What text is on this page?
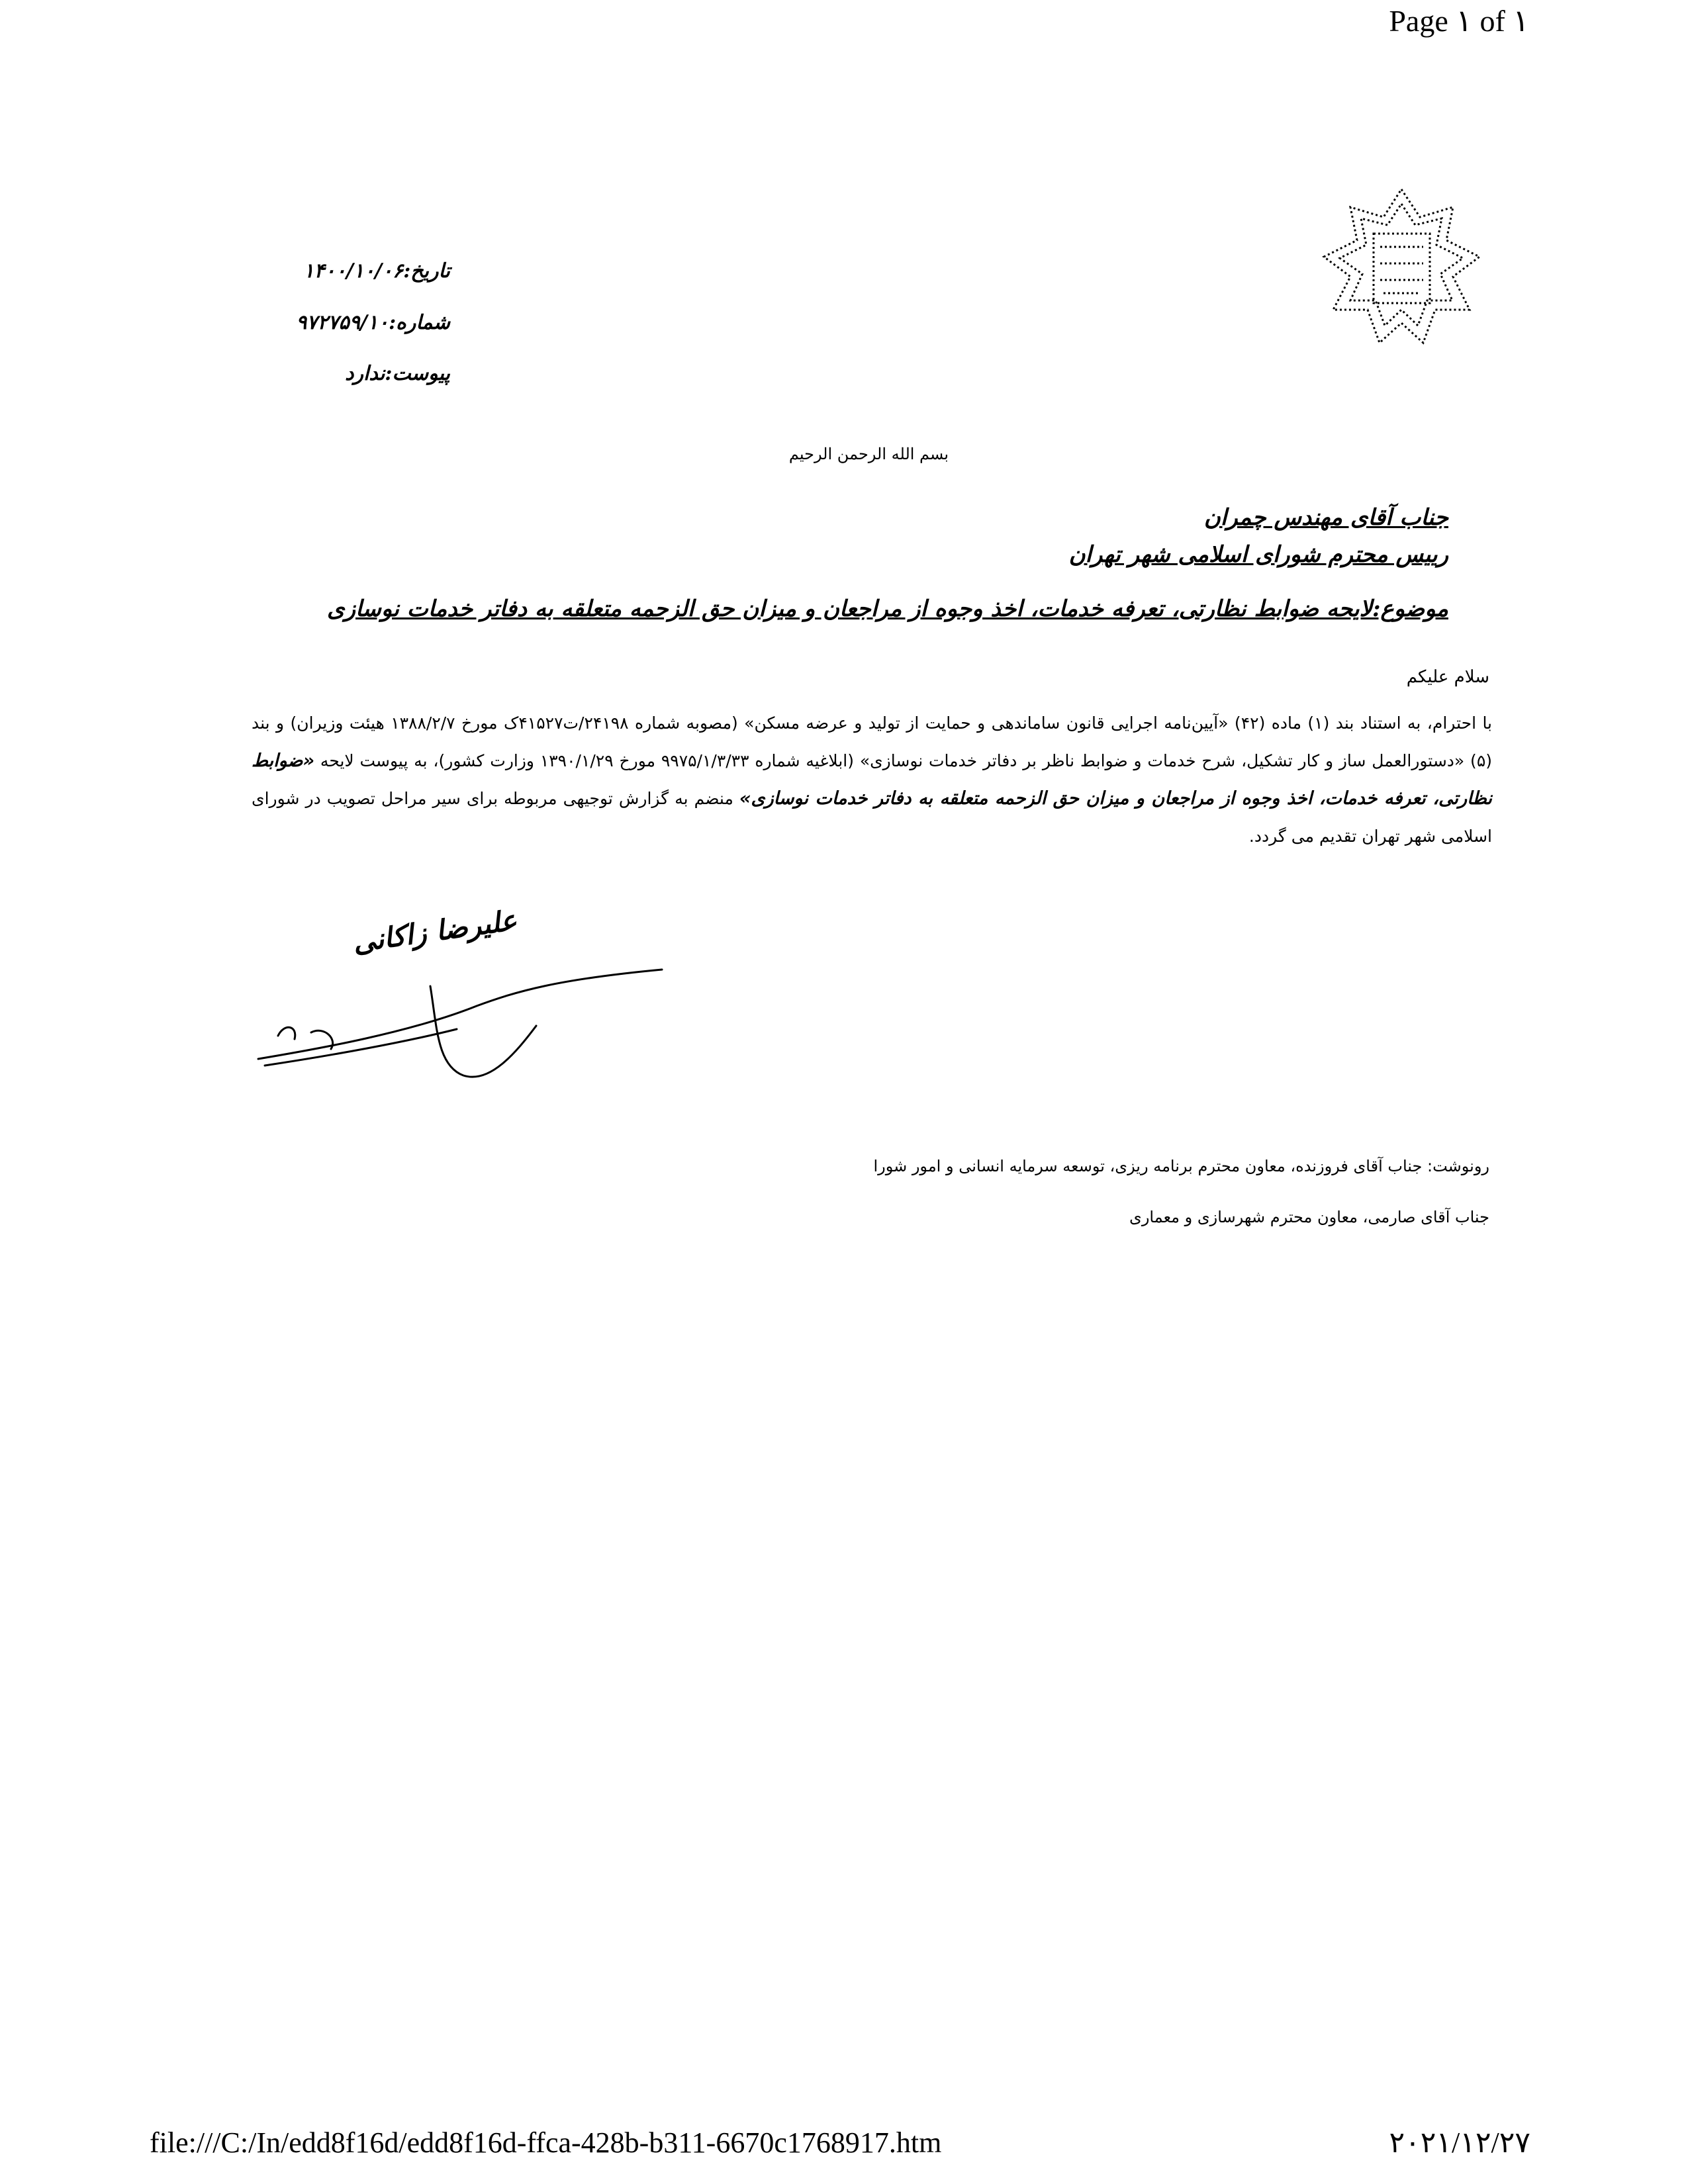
Page ١ of ١
تاریخ:۱۴۰۰/۱۰/۰۶
شماره:۹۷۲۷۵۹/۱۰
پیوست:ندارد
بسم الله الرحمن الرحیم
جناب آقای مهندس چمران
رییس محترم شورای اسلامی شهر تهران
موضوع:لایحه ضوابط نظارتی، تعرفه خدمات، اخذ وجوه از مراجعان و میزان حق الزحمه متعلقه به دفاتر خدمات نوسازی
سلام علیکم
با احترام، به استناد بند (۱) ماده (۴۲) «آیین‌نامه اجرایی قانون ساماندهی و حمایت از تولید و عرضه مسکن» (مصوبه شماره ۲۴۱۹۸/ت۴۱۵۲۷ک مورخ ۱۳۸۸/۲/۷ هیئت وزیران) و بند (۵) «دستورالعمل ساز و کار تشکیل، شرح خدمات و ضوابط ناظر بر دفاتر خدمات نوسازی» (ابلاغیه شماره ۹۹۷۵/۱/۳/۳۳ مورخ ۱۳۹۰/۱/۲۹ وزارت کشور)، به پیوست لایحه «ضوابط نظارتی، تعرفه خدمات، اخذ وجوه از مراجعان و میزان حق الزحمه متعلقه به دفاتر خدمات نوسازی» منضم به گزارش توجیهی مربوطه برای سیر مراحل تصویب در شورای اسلامی شهر تهران تقدیم می گردد.
علیرضا زاکانی
رونوشت: جناب آقای فروزنده، معاون محترم برنامه ریزی، توسعه سرمایه انسانی و امور شورا
جناب آقای صارمی، معاون محترم شهرسازی و معماری
file:///C:/In/edd8f16d/edd8f16d-ffca-428b-b311-6670c1768917.htm	۲۰۲۱/۱۲/۲۷
